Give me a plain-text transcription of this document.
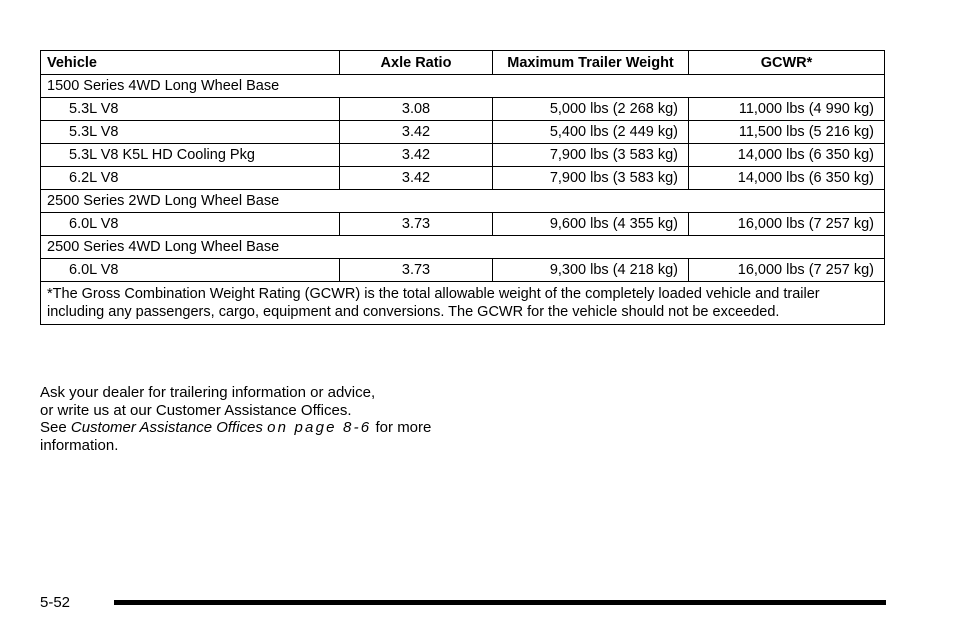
Vehicle	Axle Ratio	Maximum Trailer Weight	GCWR*
1500 Series 4WD Long Wheel Base			
5.3L V8	3.08	5,000 lbs (2 268 kg)	11,000 lbs (4 990 kg)
5.3L V8	3.42	5,400 lbs (2 449 kg)	11,500 lbs (5 216 kg)
5.3L V8 K5L HD Cooling Pkg	3.42	7,900 lbs (3 583 kg)	14,000 lbs (6 350 kg)
6.2L V8	3.42	7,900 lbs (3 583 kg)	14,000 lbs (6 350 kg)
2500 Series 2WD Long Wheel Base			
6.0L V8	3.73	9,600 lbs (4 355 kg)	16,000 lbs (7 257 kg)
2500 Series 4WD Long Wheel Base			
6.0L V8	3.73	9,300 lbs (4 218 kg)	16,000 lbs (7 257 kg)
*The Gross Combination Weight Rating (GCWR) is the total allowable weight of the completely loaded vehicle and trailer including any passengers, cargo, equipment and conversions. The GCWR for the vehicle should not be exceeded.			
Ask your dealer for trailering information or advice,
or write us at our Customer Assistance Offices.
See Customer Assistance Offices on page 8-6 for more information.
5-52
